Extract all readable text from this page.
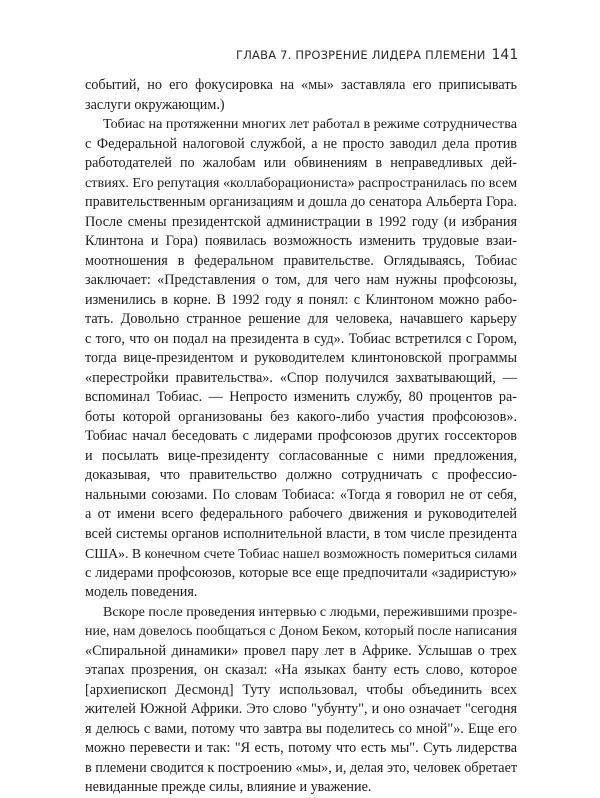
ГЛАВА 7. ПРОЗРЕНИЕ ЛИДЕРА ПЛЕМЕНИ 141

событий, но его фокусировка на «мы» заставляла его приписывать
заслуги окружающим.)

Тобиас на протяженни многих лет работал в режиме сотрудничества
с Федеральной налоговой службой, а не просто заводил дела против
работодателей по жалобам или обвинениям в неправедливых дей-
ствиях. Его репутация «коллаборациониста» распространилась по всем
правительственным организациям и дошла до сенатора Альберта Гора.
После смены президентской администрации в 1992 году (и избрания
Клинтона и Гора) появилась возможность изменить трудовые взаи-
моотношения в федеральном правительстве. Оглядываясь, Тобиас
заключает: «Представления о том, для чего нам нужны профсоюзы,
изменились в корне. В 1992 году я понял: с Клинтоном можно рабо-
тать. Довольно странное решение для человека, начавшего карьеру
с того, что он подал на президента в суд». Тобиас встретился с Гором,
тогда вице-президентом и руководителем клинтоновской программы
«перестройки правительства». «Спор получился захватывающий, —
вспоминал Тобиас. — Непросто изменить службу, 80 процентов ра-
боты которой организованы без какого-либо участия профсоюзов».
Тобиас начал беседовать с лидерами профсоюзов других госсекторов
и посылать вице-президенту согласованные с ними предложения,
доказывая, что правительство должно сотрудничать с профессио-
нальными союзами. По словам Тобиаса: «Тогда я говорил не от себя,
а от имени всего федерального рабочего движения и руководителей
всей системы органов исполнительной власти, в том числе президента
США». В конечном счете Тобиас нашел возможность помериться силами
с лидерами профсоюзов, которые все еще предпочитали «задиристую»
модель поведения.

Вскоре после проведения интервью с людьми, пережившими прозре-
ние, нам довелось пообщаться с Доном Беком, который после написания
«Спиральной динамики» провел пару лет в Африке. Услышав о трех
этапах прозрения, он сказал: «На языках банту есть слово, которое
[архиепископ Десмонд] Туту использовал, чтобы объединить всех
жителей Южной Африки. Это слово "убунту", и оно означает "сегодня
я делюсь с вами, потому что завтра вы поделитесь со мной"». Еще его
можно перевести и так: "Я есть, потому что есть мы". Суть лидерства
в племени сводится к построению «мы», и, делая это, человек обретает
невиданные прежде силы, влияние и уважение.
